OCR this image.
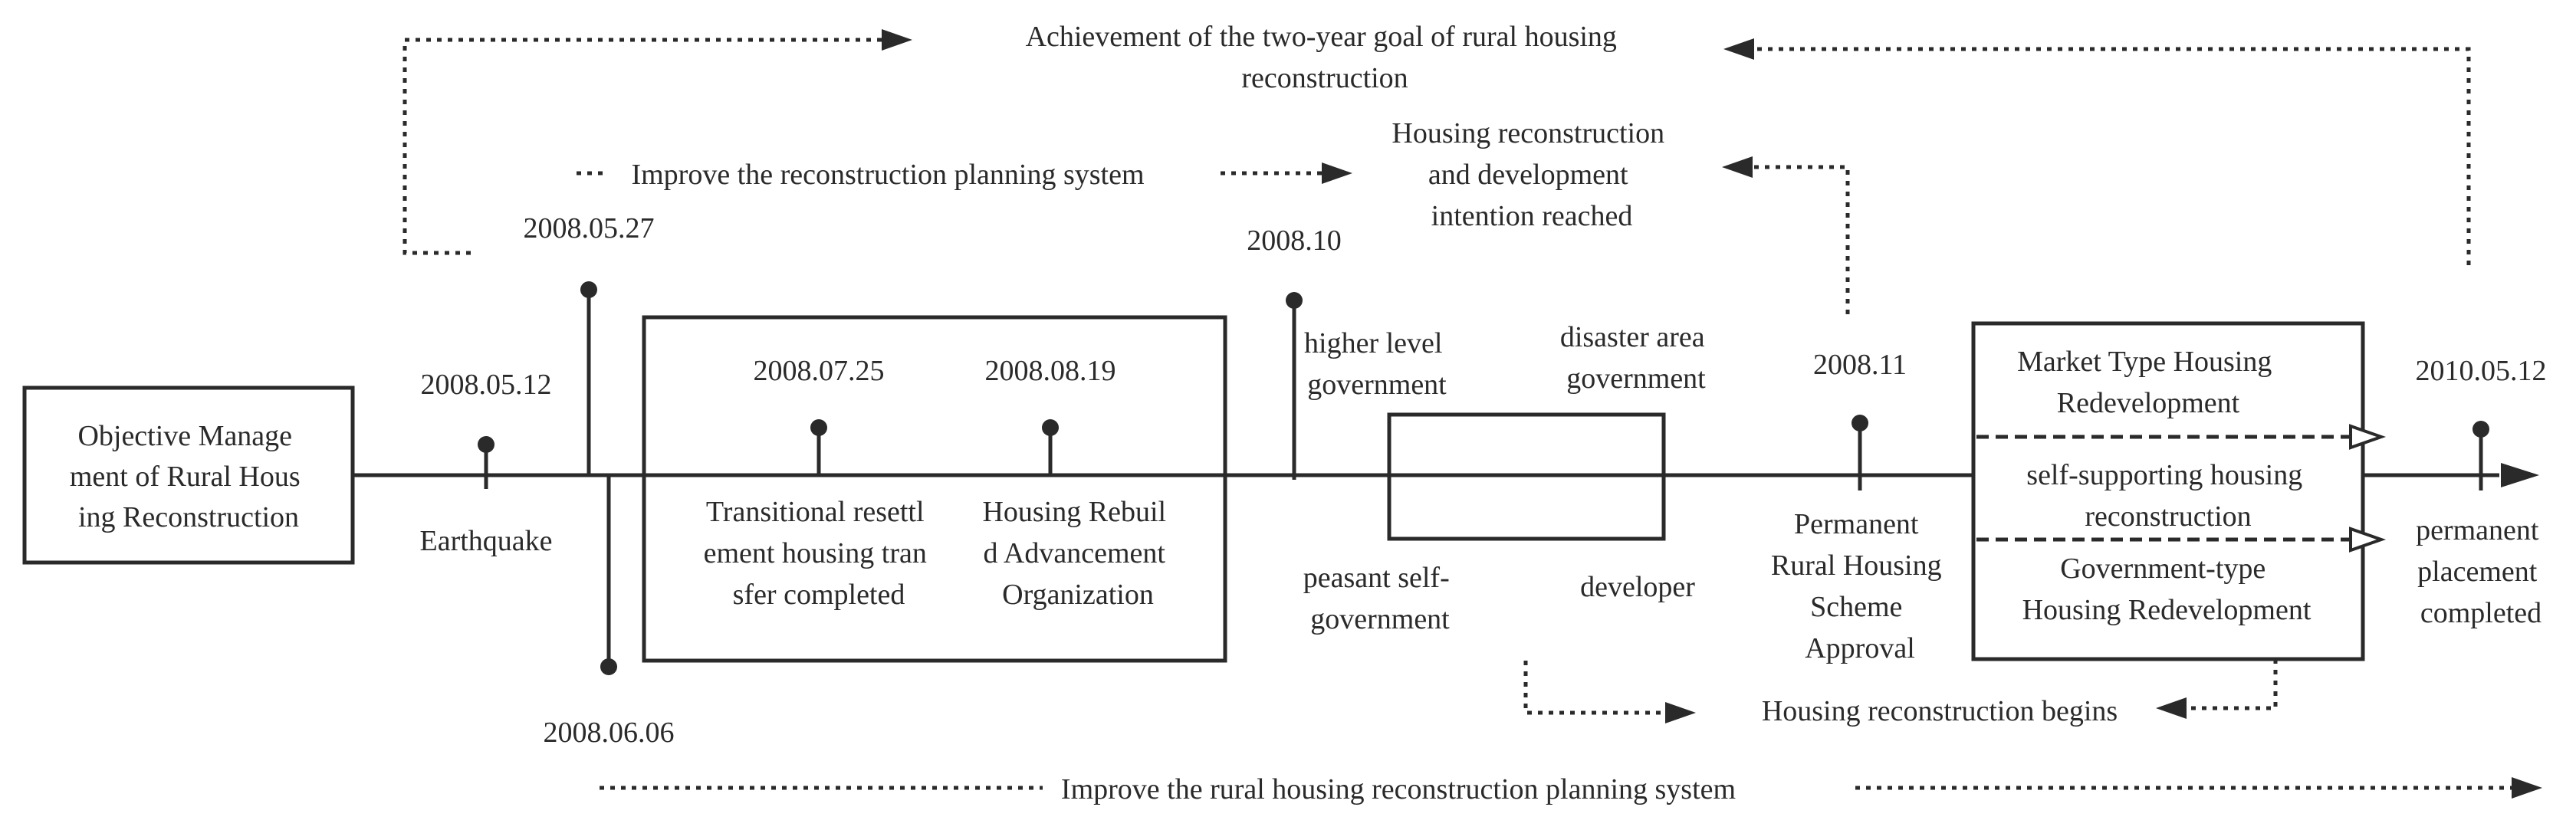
Objective Manage ment of Rural Hous ing Reconstruction
2008.05.12
Earthquake
2008.05.27
2008.06.06
2008.07.25
Transitional resettl ement housing tran sfer completed
2008.08.19
Housing Rebuil d Advancement Organization
2008.10
higher level government
disaster area government
peasant self- government
developer
2008.11
Permanent Rural Housing Scheme Approval
Market Type Housing Redevelopment
self-supporting housing reconstruction
Government-type Housing Redevelopment
2010.05.12
permanent placement completed
Achievement of the two-year goal of rural housing reconstruction
Improve the reconstruction planning system
Housing reconstruction and development intention reached
Housing reconstruction begins
Improve the rural housing reconstruction planning system
